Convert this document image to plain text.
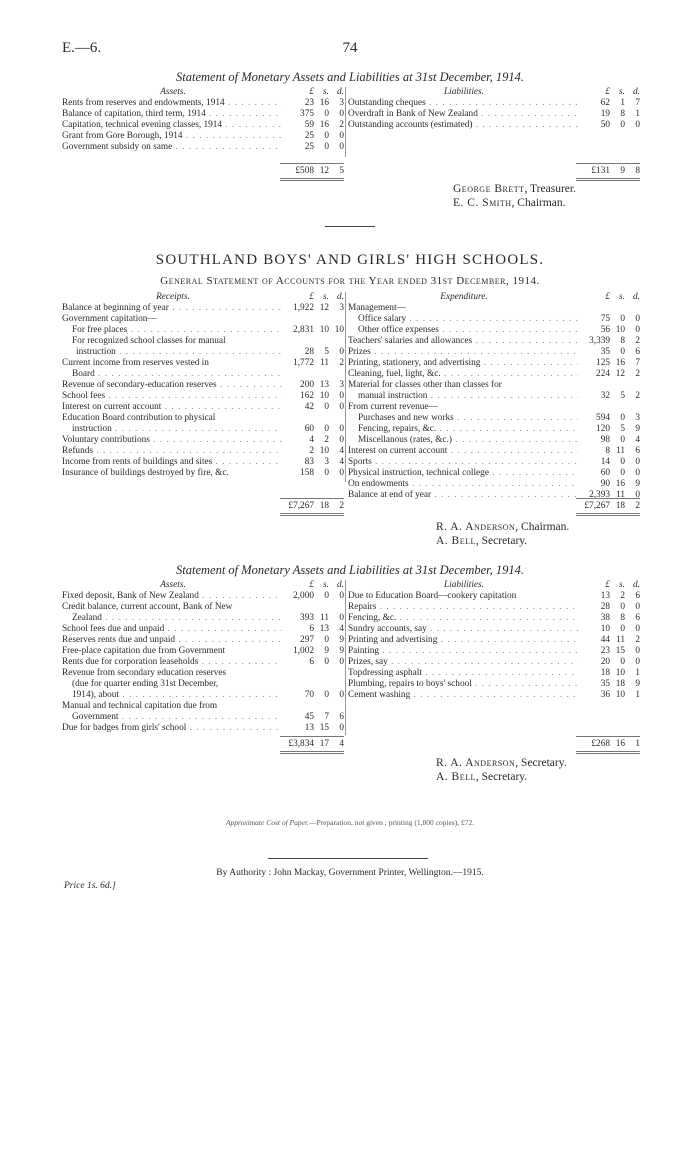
E.—6.	74
Statement of Monetary Assets and Liabilities at 31st December, 1914.
Assets.	£ s. d.
Rents from reserves and endowments, 1914 . . .	23 16	3
Balance of capitation, third term, 1914 . . .	375	0	0
Capitation, technical evening classes, 1914 . . .	59 16	2
Grant from Gore Borough, 1914 . . .	25	0	0
Government subsidy on same . . .	25	0	0
Liabilities.	£ s. d.
Outstanding cheques . . .	62	1	7
Overdraft in Bank of New Zealand . . .	19	8	1
Outstanding accounts (estimated) . . .	50	0	0
£508 12	5	£131	9	8
George Brett, Treasurer.
E. C. Smith, Chairman.
SOUTHLAND BOYS' AND GIRLS' HIGH SCHOOLS.
General Statement of Accounts for the Year ended 31st December, 1914.
Receipts.	£ s. d.
Balance at beginning of year . . .	1,922 12	3
Government capitation—
For free places . . .	2,831 10 10
For recognized school classes for manual
instruction . . .	28	5	0
Current income from reserves vested in	1,772 11	2
Board . . .
Revenue of secondary-education reserves . . .	200 13	3
School fees . . .	162 10	0
Interest on current account . . .	42	0	0
Education Board contribution to physical
instruction . . .	60	0	0
Voluntary contributions . . .	4	2	0
Refunds . . .	2 10	4
Income from rents of buildings and sites . . .	83	3	4
Insurance of buildings destroyed by fire, &c.	158	0	0
Expenditure.	£ s. d.
Management—
Office salary . . .	75	0	0
Other office expenses . . .	56 10	0
Teachers' salaries and allowances . . .	3,339	8	2
Prizes . . .	35	0	6
Printing, stationery, and advertising . . .	125 16	7
Cleaning, fuel, light, &c. . . .	224 12	2
Material for classes other than classes for
manual instruction . . .	32	5	2
From current revenue—
Purchases and new works . . .	594	0	3
Fencing, repairs, &c. . . .	120	5	9
Miscellanous (rates, &c.) . . .	98	0	4
Interest on current account . . .	8 11	6
Sports . . .	14	0	0
Physical instruction, technical college . . .	60	0	0
On endowments . . .	90 16	9
Balance at end of year . . .	2,393 11	0
£7,267 18	2	£7,267 18	2
R. A. Anderson, Chairman.
A. Bell, Secretary.
Statement of Monetary Assets and Liabilities at 31st December, 1914.
Assets.	£ s. d.
Fixed deposit, Bank of New Zealand . . .	2,000	0	0
Credit balance, current account, Bank of New
Zealand . . .	393 11	0
School fees due and unpaid . . .	6 13	4
Reserves rents due and unpaid . . .	297	0	9
Free-place capitation due from Government	1,002	9	9
Rents due for corporation leaseholds . . .	6	0	0
Revenue from secondary education reserves
(due for quarter ending 31st December,
1914), about . . .	70	0	0
Manual and technical capitation due from
Government . . .	45	7	6
Due for badges from girls' school . . .	13 15	0
Liabilities.	£ s. d.
Due to Education Board—cookery capitation	13	2	6
Repairs . . .	28	0	0
Fencing, &c. . . .	38	8	6
Sundry accounts, say . . .	10	0	0
Printing and advertising . . .	44 11	2
Painting . . .	23 15	0
Prizes, say . . .	20	0	0
Topdressing asphalt . . .	18 10	1
Plumbing, repairs to boys' school . . .	35 18	9
Cement washing . . .	36 10	1
£3,834 17	4	£268 16	1
R. A. Anderson, Secretary.
A. Bell, Secretary.
Approximate Cost of Paper.—Preparation, not given ; printing (1,800 copies), £72.
By Authority : John Mackay, Government Printer, Wellington.—1915.
Price 1s. 6d.]
